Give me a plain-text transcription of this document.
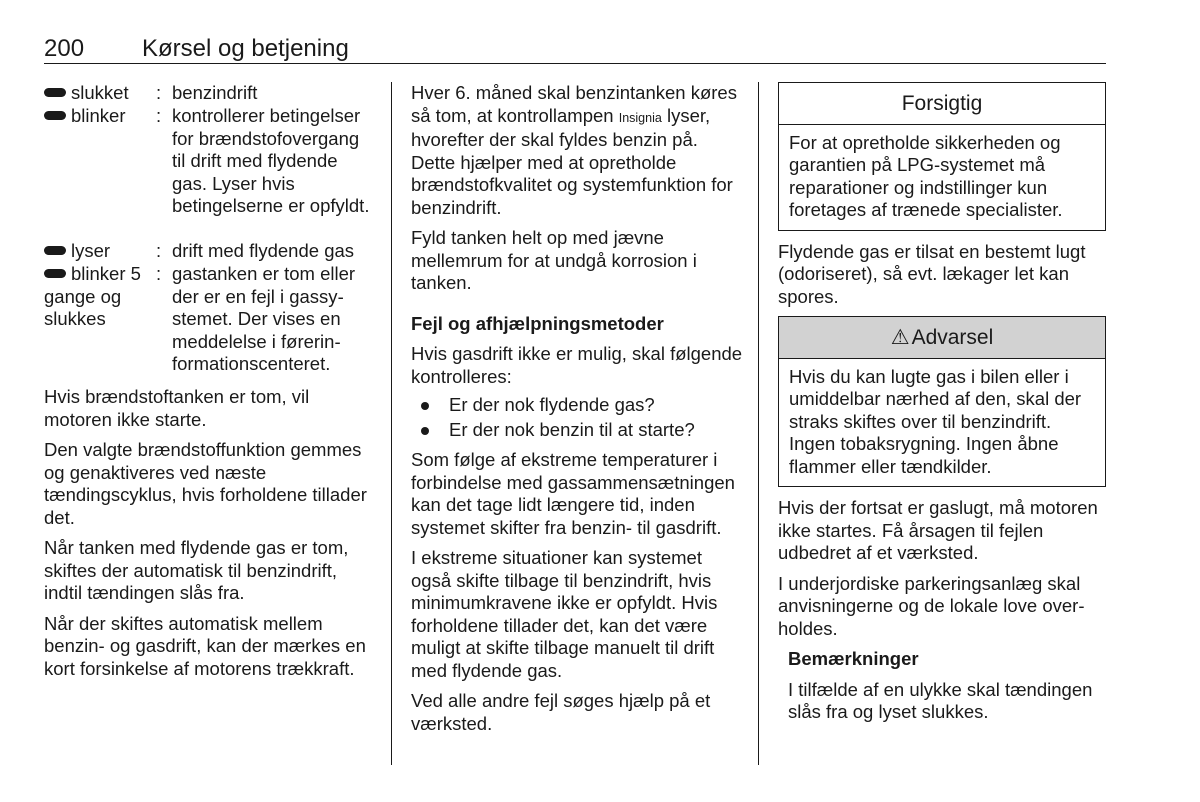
200 Kørsel og betjening
slukket	: benzindrift
blinker	: kontrollerer betingelser for brændstofovergang til drift med flydende gas. Lyser hvis betingelserne er opfyldt.
lyser	: drift med flydende gas
blinker 5 gange og slukkes
: gastanken er tom eller der er en fejl i gassystemet. Der vises en meddelelse i førerinformationscenteret.

Hvis brændstoftanken er tom, vil motoren ikke starte.

Den valgte brændstoffunktion gemmes og genaktiveres ved næste tændingscyklus, hvis forholdene tillader det.

Når tanken med flydende gas er tom, skiftes der automatisk til benzindrift, indtil tændingen slås fra.

Når der skiftes automatisk mellem benzin- og gasdrift, kan der mærkes en kort forsinkelse af motorens trækkraft.

Hver 6. måned skal benzintanken køres så tom, at kontrollampen Insignia lyser, hvorefter der skal fyldes benzin på. Dette hjælper med at opretholde brændstofkvalitet og systemfunktion for benzindrift.

Fyld tanken helt op med jævne mellemrum for at undgå korrosion i tanken.

Fejl og afhjælpningsmetoder

Hvis gasdrift ikke er mulig, skal følgende kontrolleres:

Er der nok flydende gas?
Er der nok benzin til at starte?

Som følge af ekstreme temperaturer i forbindelse med gassammensætningen kan det tage lidt længere tid, inden systemet skifter fra benzin- til gasdrift.

I ekstreme situationer kan systemet også skifte tilbage til benzindrift, hvis minimumkravene ikke er opfyldt. Hvis forholdene tillader det, kan det være muligt at skifte tilbage manuelt til drift med flydende gas.

Ved alle andre fejl søges hjælp på et værksted.

Forsigtig
For at opretholde sikkerheden og garantien på LPG-systemet må reparationer og indstillinger kun foretages af trænede specialister.

Flydende gas er tilsat en bestemt lugt (odoriseret), så evt. lækager let kan spores.

⚠Advarsel
Hvis du kan lugte gas i bilen eller i umiddelbar nærhed af den, skal der straks skiftes over til benzindrift. Ingen tobaksrygning. Ingen åbne flammer eller tændkilder.

Hvis der fortsat er gaslugt, må motoren ikke startes. Få årsagen til fejlen udbedret af et værksted.

I underjordiske parkeringsanlæg skal anvisningerne og de lokale love overholdes.

Bemærkninger

I tilfælde af en ulykke skal tændingen slås fra og lyset slukkes.
